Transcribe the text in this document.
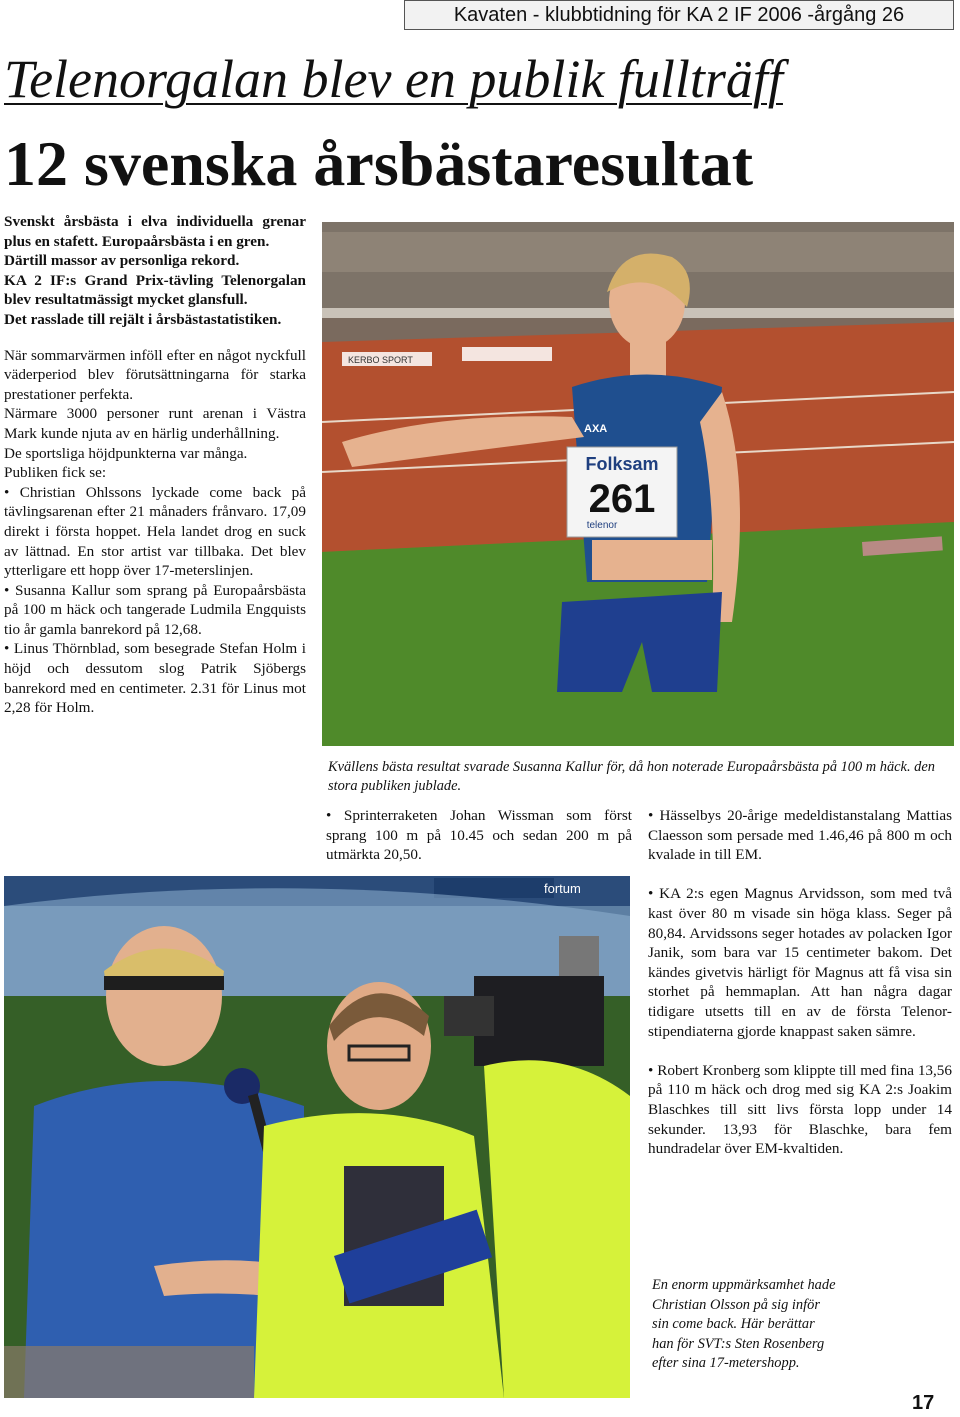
Kavaten - klubbtidning för KA 2 IF 2006 -årgång 26
Telenorgalan blev en publik fullträff
12 svenska årsbästaresultat

Svenskt årsbästa i elva individuella grenar plus en stafett. Europaårsbästa i en gren.

Därtill massor av personliga rekord.

KA 2 IF:s Grand Prix-tävling Telenorgalan blev resultatmässigt mycket glansfull.

Det rasslade till rejält i årsbästastatistiken.

När sommarvärmen inföll efter en något nyckfull väderperiod blev förutsättningarna för starka prestationer perfekta.

Närmare 3000 personer runt arenan i Västra Mark kunde njuta av en härlig underhållning.

De sportsliga höjdpunkterna var många.

Publiken fick se:

• Christian Ohlssons lyckade come back på tävlingsarenan efter 21 månaders frånvaro. 17,09 direkt i första hoppet. Hela landet drog en suck av lättnad. En stor artist var tillbaka. Det blev ytterligare ett hopp över 17-meterslinjen.

• Susanna Kallur som sprang på Europaårsbästa på 100 m häck och tangerade Ludmila Engquists tio år gamla banrekord på 12,68.

• Linus Thörnblad, som besegrade Stefan Holm i höjd och dessutom slog Patrik Sjöbergs banrekord med en centimeter. 2.31 för Linus mot 2,28 för Holm.

KERBO SPORT
Folksam
261
telenor
AXA
Kvällens bästa resultat svarade Susanna Kallur för, då hon noterade Europaårsbästa på 100 m häck. den stora publiken jublade.

• Sprinterraketen Johan Wissman som först sprang 100 m på 10.45 och sedan 200 m på utmärkta 20,50.

• Hässelbys 20-årige medeldistanstalang Mattias Claesson som persade med 1.46,46 på 800 m och kvalade in till EM.

• KA 2:s egen Magnus Arvidsson, som med två kast över 80 m visade sin höga klass. Seger på 80,84. Arvidssons seger hotades av polacken Igor Janik, som bara var 15 centimeter bakom. Det kändes givetvis härligt för Magnus att få visa sin storhet på hemmaplan. Att han några dagar tidigare utsetts till en av de första Telenor-stipendiaterna gjorde knappast saken sämre.

• Robert Kronberg som klippte till med fina 13,56 på 110 m häck och drog med sig KA 2:s Joakim Blaschkes till sitt livs första lopp under 14 sekunder. 13,93 för Blaschke, bara fem hundradelar över EM-kvaltiden.

fortum
En enorm uppmärksamhet hade
Christian Olsson på sig inför
sin come back. Här berättar
han för SVT:s Sten Rosenberg
efter sina 17-metershopp.
17
